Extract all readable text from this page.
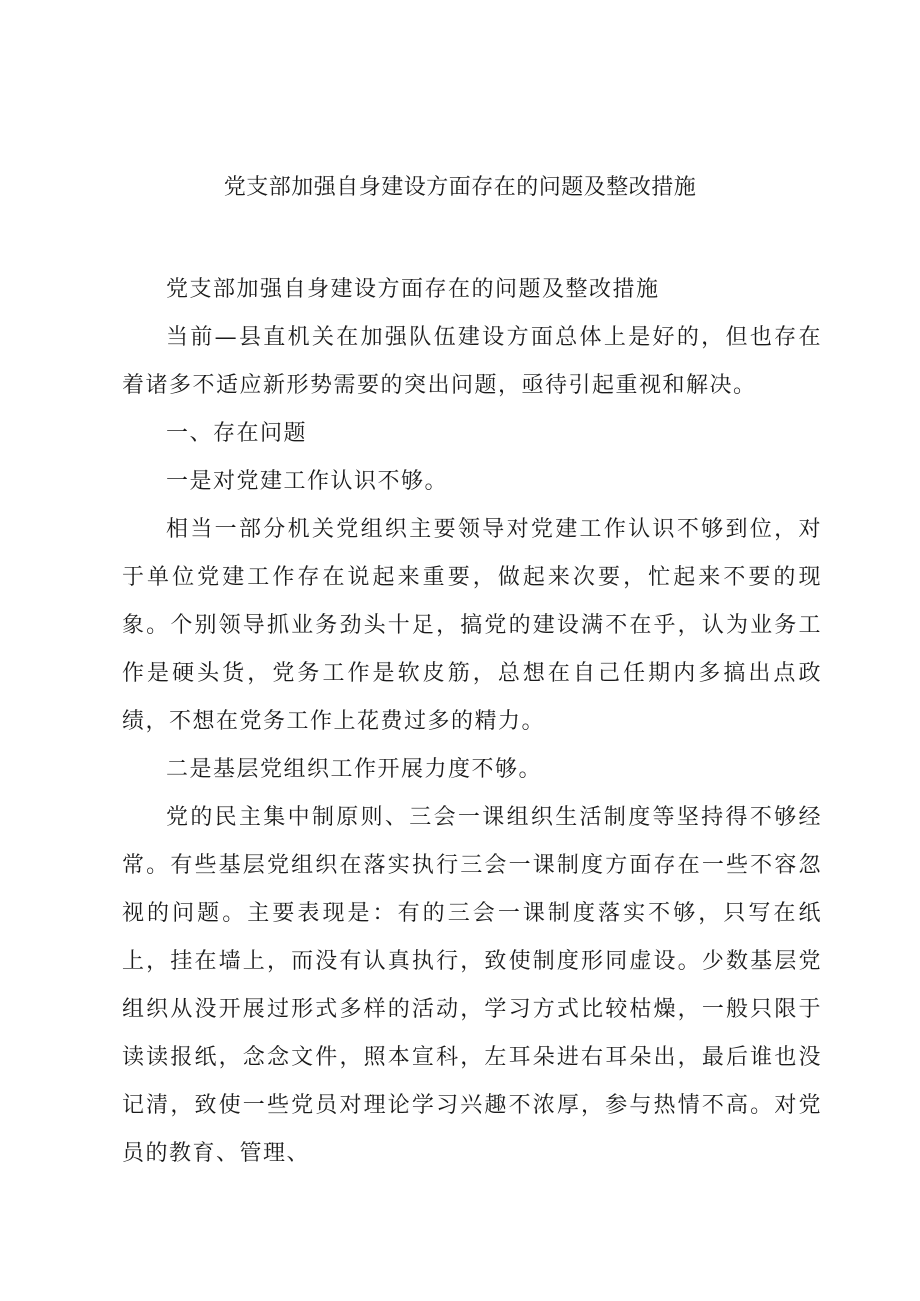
党支部加强自身建设方面存在的问题及整改措施

党支部加强自身建设方面存在的问题及整改措施

当前—县直机关在加强队伍建设方面总体上是好的，但也存在着诸多不适应新形势需要的突出问题，亟待引起重视和解决。

一、存在问题

一是对党建工作认识不够。

相当一部分机关党组织主要领导对党建工作认识不够到位，对于单位党建工作存在说起来重要，做起来次要，忙起来不要的现象。个别领导抓业务劲头十足，搞党的建设满不在乎，认为业务工作是硬头货，党务工作是软皮筋，总想在自己任期内多搞出点政绩，不想在党务工作上花费过多的精力。

二是基层党组织工作开展力度不够。

党的民主集中制原则、三会一课组织生活制度等坚持得不够经常。有些基层党组织在落实执行三会一课制度方面存在一些不容忽视的问题。主要表现是：有的三会一课制度落实不够，只写在纸上，挂在墙上，而没有认真执行，致使制度形同虚设。少数基层党组织从没开展过形式多样的活动，学习方式比较枯燥，一般只限于读读报纸，念念文件，照本宣科，左耳朵进右耳朵出，最后谁也没记清，致使一些党员对理论学习兴趣不浓厚，参与热情不高。对党员的教育、管理、
